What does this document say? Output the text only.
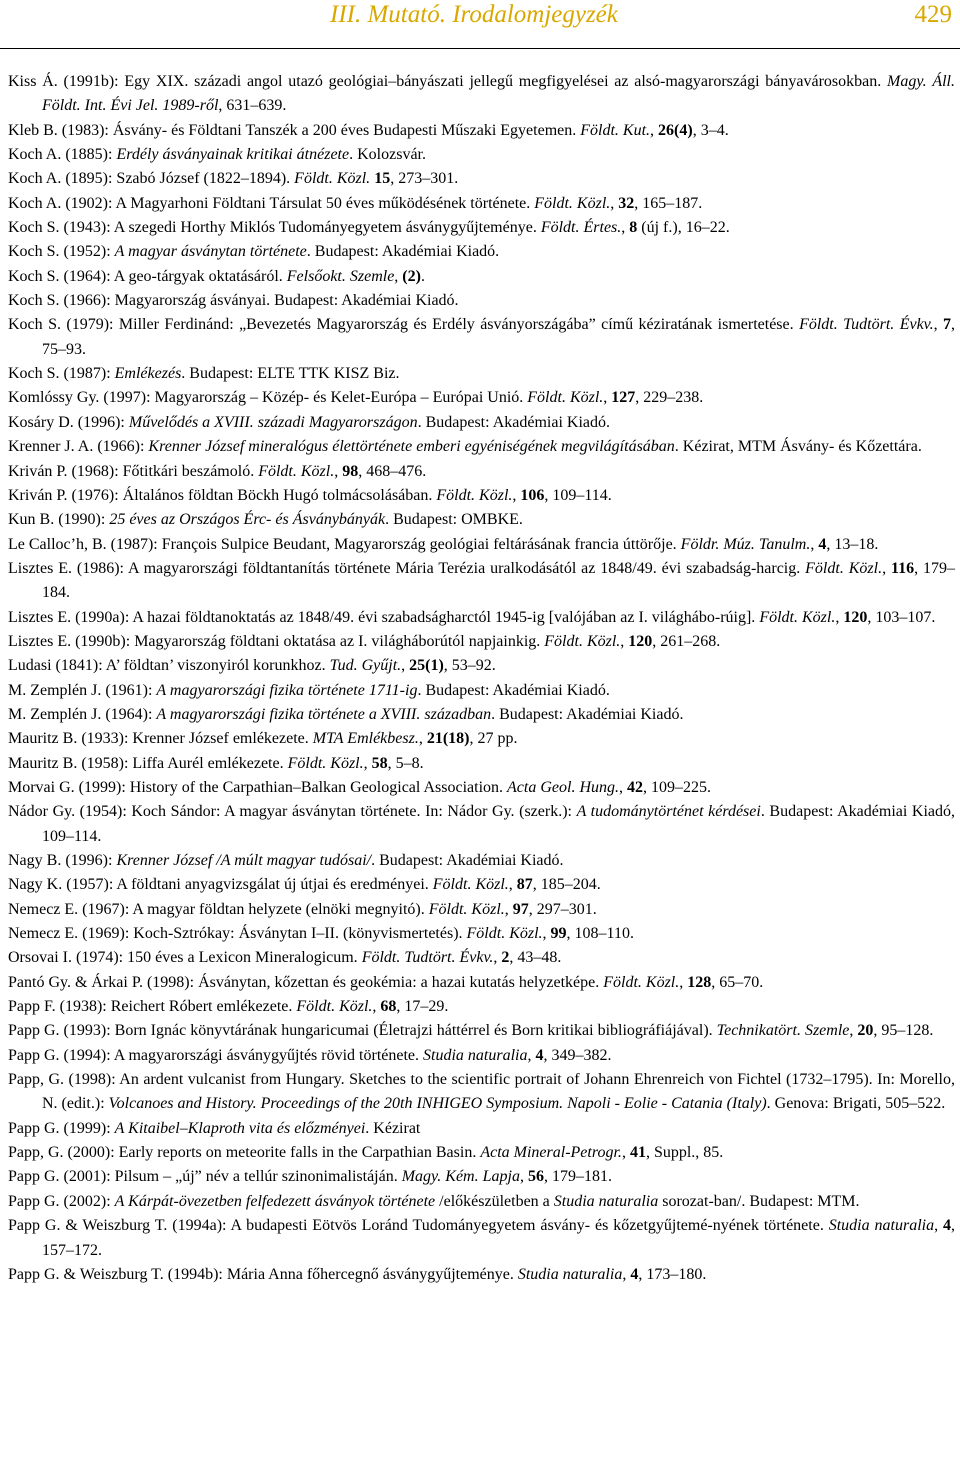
III. Mutató. Irodalomjegyzék	429

Kiss Á. (1991b): Egy XIX. századi angol utazó geológiai–bányászati jellegű megfigyelései az alsó-magyarországi bányavárosokban. Magy. Áll. Földt. Int. Évi Jel. 1989-ről, 631–639.

Kleb B. (1983): Ásvány- és Földtani Tanszék a 200 éves Budapesti Műszaki Egyetemen. Földt. Kut., 26(4), 3–4.

Koch A. (1885): Erdély ásványainak kritikai átnézete. Kolozsvár.

Koch A. (1895): Szabó József (1822–1894). Földt. Közl. 15, 273–301.

Koch A. (1902): A Magyarhoni Földtani Társulat 50 éves működésének története. Földt. Közl., 32, 165–187.

Koch S. (1943): A szegedi Horthy Miklós Tudományegyetem ásványgyűjteménye. Földt. Értes., 8 (új f.), 16–22.

Koch S. (1952): A magyar ásványtan története. Budapest: Akadémiai Kiadó.

Koch S. (1964): A geo-tárgyak oktatásáról. Felsőokt. Szemle, (2).

Koch S. (1966): Magyarország ásványai. Budapest: Akadémiai Kiadó.

Koch S. (1979): Miller Ferdinánd: „Bevezetés Magyarország és Erdély ásványországába” című kéziratának ismertetése. Földt. Tudtört. Évkv., 7, 75–93.

Koch S. (1987): Emlékezés. Budapest: ELTE TTK KISZ Biz.

Komlóssy Gy. (1997): Magyarország – Közép- és Kelet-Európa – Európai Unió. Földt. Közl., 127, 229–238.

Kosáry D. (1996): Művelődés a XVIII. századi Magyarországon. Budapest: Akadémiai Kiadó.

Krenner J. A. (1966): Krenner József mineralógus élettörténete emberi egyéniségének megvilágításában. Kézirat, MTM Ásvány- és Kőzettára.

Kriván P. (1968): Főtitkári beszámoló. Földt. Közl., 98, 468–476.

Kriván P. (1976): Általános földtan Böckh Hugó tolmácsolásában. Földt. Közl., 106, 109–114.

Kun B. (1990): 25 éves az Országos Érc- és Ásványbányák. Budapest: OMBKE.

Le Calloc’h, B. (1987): François Sulpice Beudant, Magyarország geológiai feltárásának francia úttörője. Földr. Múz. Tanulm., 4, 13–18.

Lisztes E. (1986): A magyarországi földtantanítás története Mária Terézia uralkodásától az 1848/49. évi szabadság-harcig. Földt. Közl., 116, 179–184.

Lisztes E. (1990a): A hazai földtanoktatás az 1848/49. évi szabadságharctól 1945-ig [valójában az I. világhábo-rúig]. Földt. Közl., 120, 103–107.

Lisztes E. (1990b): Magyarország földtani oktatása az I. világháborútól napjainkig. Földt. Közl., 120, 261–268.

Ludasi (1841): A’ földtan’ viszonyiról korunkhoz. Tud. Gyűjt., 25(1), 53–92.

M. Zemplén J. (1961): A magyarországi fizika története 1711-ig. Budapest: Akadémiai Kiadó.

M. Zemplén J. (1964): A magyarországi fizika története a XVIII. században. Budapest: Akadémiai Kiadó.

Mauritz B. (1933): Krenner József emlékezete. MTA Emlékbesz., 21(18), 27 pp.

Mauritz B. (1958): Liffa Aurél emlékezete. Földt. Közl., 58, 5–8.

Morvai G. (1999): History of the Carpathian–Balkan Geological Association. Acta Geol. Hung., 42, 109–225.

Nádor Gy. (1954): Koch Sándor: A magyar ásványtan története. In: Nádor Gy. (szerk.): A tudománytörténet kérdései. Budapest: Akadémiai Kiadó, 109–114.

Nagy B. (1996): Krenner József /A múlt magyar tudósai/. Budapest: Akadémiai Kiadó.

Nagy K. (1957): A földtani anyagvizsgálat új útjai és eredményei. Földt. Közl., 87, 185–204.

Nemecz E. (1967): A magyar földtan helyzete (elnöki megnyitó). Földt. Közl., 97, 297–301.

Nemecz E. (1969): Koch-Sztrókay: Ásványtan I–II. (könyvismertetés). Földt. Közl., 99, 108–110.

Orsovai I. (1974): 150 éves a Lexicon Mineralogicum. Földt. Tudtört. Évkv., 2, 43–48.

Pantó Gy. & Árkai P. (1998): Ásványtan, kőzettan és geokémia: a hazai kutatás helyzetképe. Földt. Közl., 128, 65–70.

Papp F. (1938): Reichert Róbert emlékezete. Földt. Közl., 68, 17–29.

Papp G. (1993): Born Ignác könyvtárának hungaricumai (Életrajzi háttérrel és Born kritikai bibliográfiájával). Technikatört. Szemle, 20, 95–128.

Papp G. (1994): A magyarországi ásványgyűjtés rövid története. Studia naturalia, 4, 349–382.

Papp, G. (1998): An ardent vulcanist from Hungary. Sketches to the scientific portrait of Johann Ehrenreich von Fichtel (1732–1795). In: Morello, N. (edit.): Volcanoes and History. Proceedings of the 20th INHIGEO Symposium. Napoli - Eolie - Catania (Italy). Genova: Brigati, 505–522.

Papp G. (1999): A Kitaibel–Klaproth vita és előzményei. Kézirat

Papp, G. (2000): Early reports on meteorite falls in the Carpathian Basin. Acta Mineral-Petrogr., 41, Suppl., 85.

Papp G. (2001): Pilsum – „új” név a tellúr szinonimalistáján. Magy. Kém. Lapja, 56, 179–181.

Papp G. (2002): A Kárpát-övezetben felfedezett ásványok története /előkészületben a Studia naturalia sorozat-ban/. Budapest: MTM.

Papp G. & Weiszburg T. (1994a): A budapesti Eötvös Loránd Tudományegyetem ásvány- és kőzetgyűjtemé-nyének története. Studia naturalia, 4, 157–172.

Papp G. & Weiszburg T. (1994b): Mária Anna főhercegnő ásványgyűjteménye. Studia naturalia, 4, 173–180.
